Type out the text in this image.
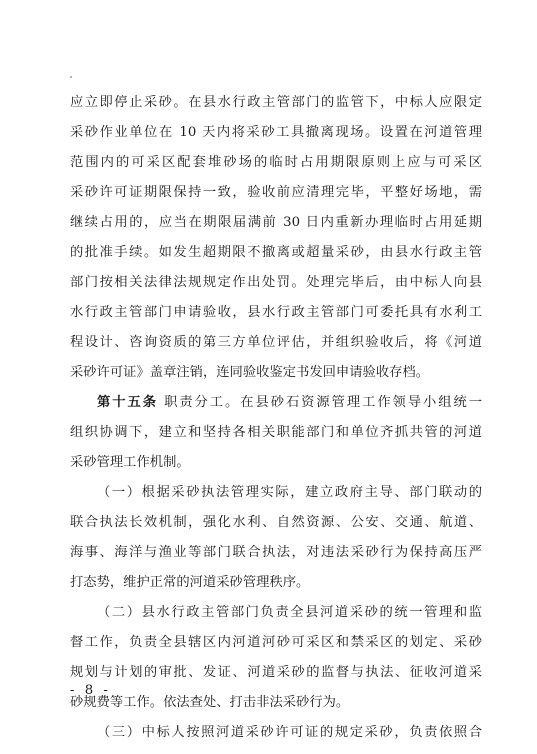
应立即停止采砂。在县水行政主管部门的监管下，中标人应限定
采砂作业单位在 10 天内将采砂工具撤离现场。设置在河道管理
范围内的可采区配套堆砂场的临时占用期限原则上应与可采区
采砂许可证期限保持一致，验收前应清理完毕，平整好场地，需
继续占用的，应当在期限届满前 30 日内重新办理临时占用延期
的批准手续。如发生超期限不撤离或超量采砂，由县水行政主管
部门按相关法律法规规定作出处罚。处理完毕后，由中标人向县
水行政主管部门申请验收，县水行政主管部门可委托具有水利工
程设计、咨询资质的第三方单位评估，并组织验收后，将《河道
采砂许可证》盖章注销，连同验收鉴定书发回申请验收存档。
第十五条 职责分工。在县砂石资源管理工作领导小组统一
组织协调下，建立和坚持各相关职能部门和单位齐抓共管的河道
采砂管理工作机制。
（一）根据采砂执法管理实际，建立政府主导、部门联动的
联合执法长效机制，强化水利、自然资源、公安、交通、航道、
海事、海洋与渔业等部门联合执法，对违法采砂行为保持高压严
打态势，维护正常的河道采砂管理秩序。
（二）县水行政主管部门负责全县河道采砂的统一管理和监
督工作，负责全县辖区内河道河砂可采区和禁采区的划定、采砂
规划与计划的审批、发证、河道采砂的监督与执法、征收河道采
砂规费等工作。依法查处、打击非法采砂行为。
（三）中标人按照河道采砂许可证的规定采砂，负责依照合
- 8 -
